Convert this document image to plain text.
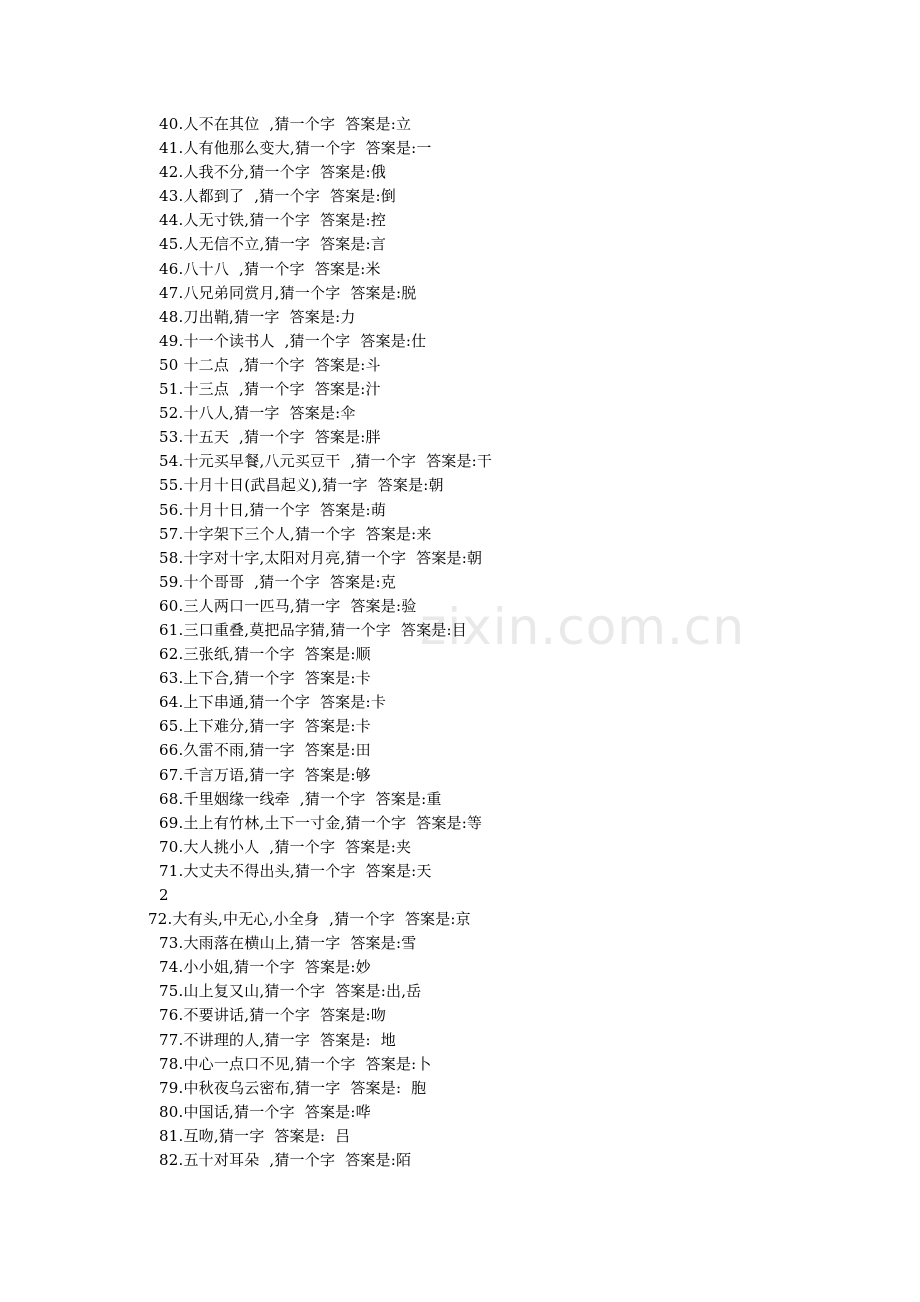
zixin.com.cn
40.人不在其位  ,猜一个字  答案是:立
41.人有他那么变大,猜一个字  答案是:一
42.人我不分,猜一个字  答案是:俄
43.人都到了  ,猜一个字  答案是:倒
44.人无寸铁,猜一个字  答案是:控
45.人无信不立,猜一字  答案是:言
46.八十八  ,猜一个字  答案是:米
47.八兄弟同赏月,猜一个字  答案是:脱
48.刀出鞘,猜一字  答案是:力
49.十一个读书人  ,猜一个字  答案是:仕
50 十二点  ,猜一个字  答案是:斗
51.十三点  ,猜一个字  答案是:汁
52.十八人,猜一字  答案是:伞
53.十五天  ,猜一个字  答案是:胖
54.十元买早餐,八元买豆干  ,猜一个字  答案是:干
55.十月十日(武昌起义),猜一字  答案是:朝
56.十月十日,猜一个字  答案是:萌
57.十字架下三个人,猜一个字  答案是:来
58.十字对十字,太阳对月亮,猜一个字  答案是:朝
59.十个哥哥  ,猜一个字  答案是:克
60.三人两口一匹马,猜一字  答案是:验
61.三口重叠,莫把品字猜,猜一个字  答案是:目
62.三张纸,猜一个字  答案是:顺
63.上下合,猜一个字  答案是:卡
64.上下串通,猜一个字  答案是:卡
65.上下难分,猜一字  答案是:卡
66.久雷不雨,猜一字  答案是:田
67.千言万语,猜一字  答案是:够
68.千里姻缘一线牵  ,猜一个字  答案是:重
69.土上有竹林,土下一寸金,猜一个字  答案是:等
70.大人挑小人  ,猜一个字  答案是:夹
71.大丈夫不得出头,猜一个字  答案是:天
2
72.大有头,中无心,小全身  ,猜一个字  答案是:京
73.大雨落在横山上,猜一字  答案是:雪
74.小小姐,猜一个字  答案是:妙
75.山上复又山,猜一个字  答案是:出,岳
76.不要讲话,猜一个字  答案是:吻
77.不讲理的人,猜一字  答案是:  地
78.中心一点口不见,猜一个字  答案是:卜
79.中秋夜乌云密布,猜一字  答案是:  胞
80.中国话,猜一个字  答案是:哗
81.互吻,猜一字  答案是:  吕
82.五十对耳朵  ,猜一个字  答案是:陌
